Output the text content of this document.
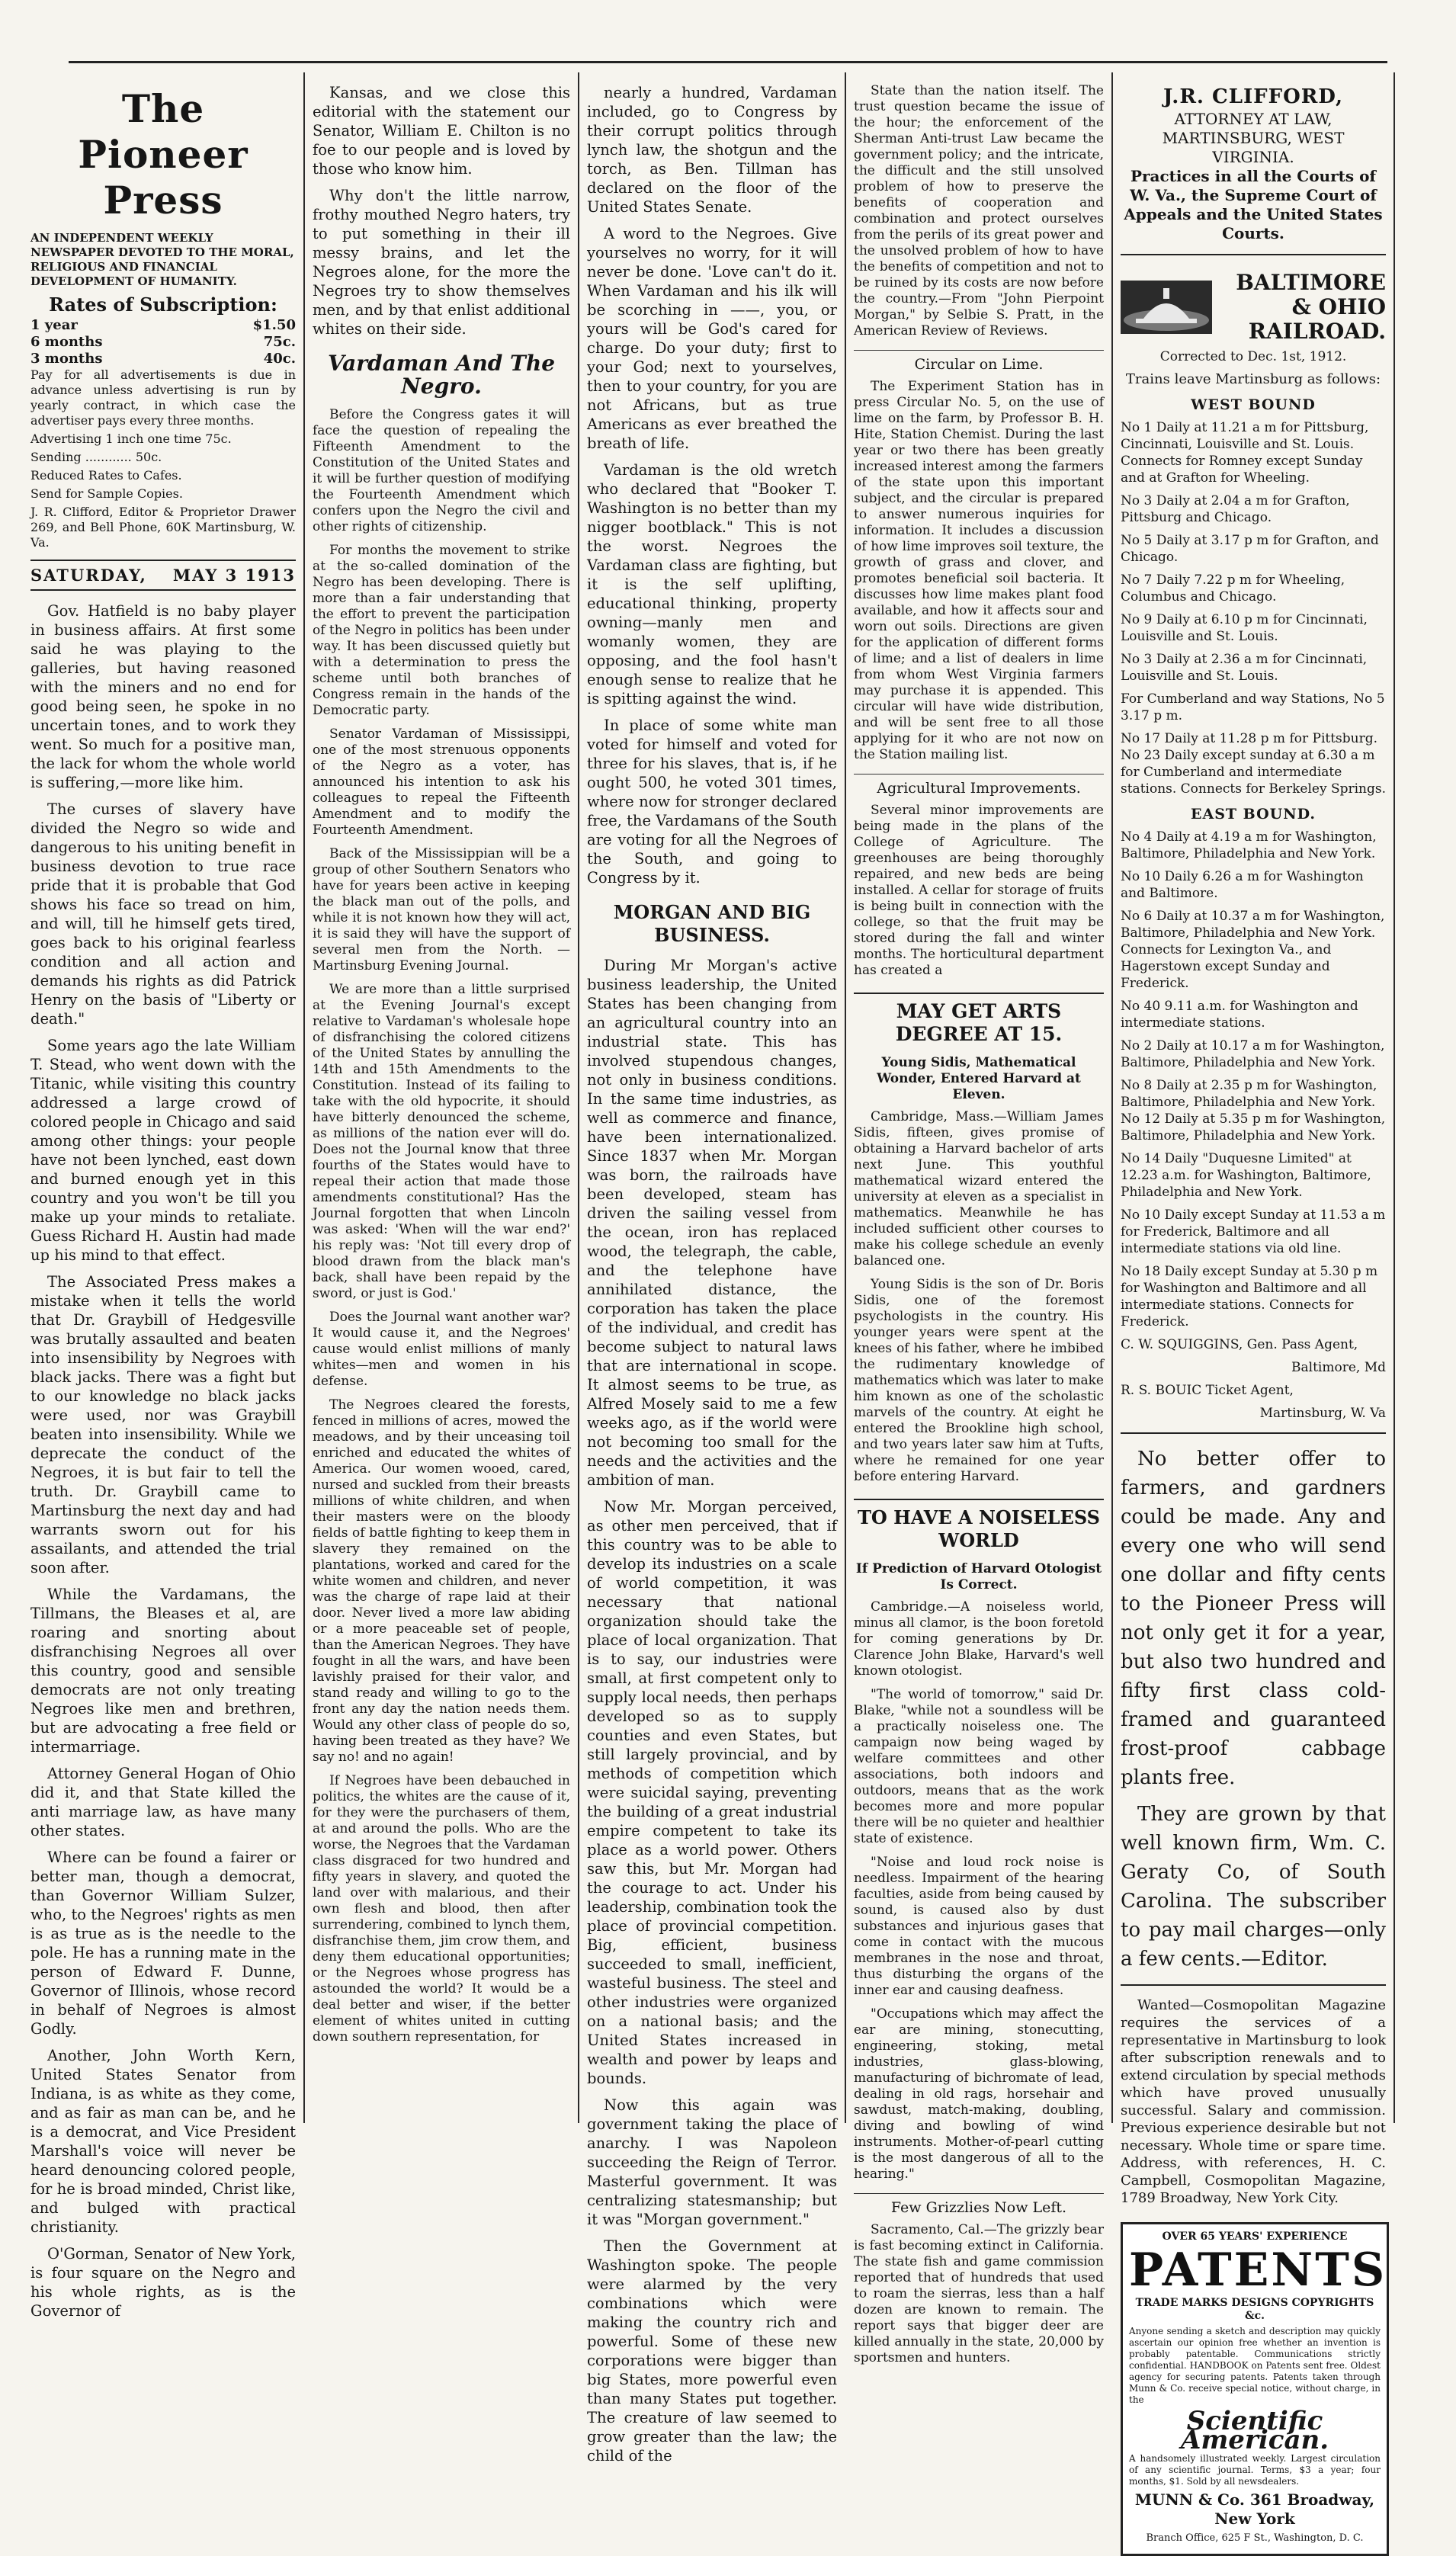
The Pioneer Press
AN INDEPENDENT WEEKLY NEWSPAPER DEVOTED TO THE MORAL, RELIGIOUS AND FINANCIAL DEVELOPMENT OF HUMANITY.
Rates of Subscription:
1 year	$1.50
6 months	75c.
3 months	40c.

Pay for all advertisements is due in advance unless advertising is run by yearly contract, in which case the advertiser pays every three months.

Advertising 1 inch one time 75c.

Sending ............ 50c.

Reduced Rates to Cafes.

Send for Sample Copies.

J. R. Clifford, Editor & Proprietor Drawer 269, and Bell Phone, 60K Martinsburg, W. Va.

SATURDAY, MAY 3 1913

Gov. Hatfield is no baby player in business affairs. At first some said he was playing to the galleries, but having reasoned with the miners and no end for good being seen, he spoke in no uncertain tones, and to work they went. So much for a positive man, the lack for whom the whole world is suffering,—more like him.

The curses of slavery have divided the Negro so wide and dangerous to his uniting benefit in business devotion to true race pride that it is probable that God shows his face so tread on him, and will, till he himself gets tired, goes back to his original fearless condition and all action and demands his rights as did Patrick Henry on the basis of "Liberty or death."

Some years ago the late William T. Stead, who went down with the Titanic, while visiting this country addressed a large crowd of colored people in Chicago and said among other things: your people have not been lynched, east down and burned enough yet in this country and you won't be till you make up your minds to retaliate. Guess Richard H. Austin had made up his mind to that effect.

The Associated Press makes a mistake when it tells the world that Dr. Graybill of Hedgesville was brutally assaulted and beaten into insensibility by Negroes with black jacks. There was a fight but to our knowledge no black jacks were used, nor was Graybill beaten into insensibility. While we deprecate the conduct of the Negroes, it is but fair to tell the truth. Dr. Graybill came to Martinsburg the next day and had warrants sworn out for his assailants, and attended the trial soon after.

While the Vardamans, the Tillmans, the Bleases et al, are roaring and snorting about disfranchising Negroes all over this country, good and sensible democrats are not only treating Negroes like men and brethren, but are advocating a free field or intermarriage.

Attorney General Hogan of Ohio did it, and that State killed the anti marriage law, as have many other states.

Where can be found a fairer or better man, though a democrat, than Governor William Sulzer, who, to the Negroes' rights as men is as true as is the needle to the pole. He has a running mate in the person of Edward F. Dunne, Governor of Illinois, whose record in behalf of Negroes is almost Godly.

Another, John Worth Kern, United States Senator from Indiana, is as white as they come, and as fair as man can be, and he is a democrat, and Vice President Marshall's voice will never be heard denouncing colored people, for he is broad minded, Christ like, and bulged with practical christianity.

O'Gorman, Senator of New York, is four square on the Negro and his whole rights, as is the Governor of

Kansas, and we close this editorial with the statement our Senator, William E. Chilton is no foe to our people and is loved by those who know him.

Why don't the little narrow, frothy mouthed Negro haters, try to put something in their ill messy brains, and let the Negroes alone, for the more the Negroes try to show themselves men, and by that enlist additional whites on their side.

Vardaman And The Negro.

Before the Congress gates it will face the question of repealing the Fifteenth Amendment to the Constitution of the United States and it will be further question of modifying the Fourteenth Amendment which confers upon the Negro the civil and other rights of citizenship.

For months the movement to strike at the so-called domination of the Negro has been developing. There is more than a fair understanding that the effort to prevent the participation of the Negro in politics has been under way. It has been discussed quietly but with a determination to press the scheme until both branches of Congress remain in the hands of the Democratic party.

Senator Vardaman of Mississippi, one of the most strenuous opponents of the Negro as a voter, has announced his intention to ask his colleagues to repeal the Fifteenth Amendment and to modify the Fourteenth Amendment.

Back of the Mississippian will be a group of other Southern Senators who have for years been active in keeping the black man out of the polls, and while it is not known how they will act, it is said they will have the support of several men from the North. —Martinsburg Evening Journal.

We are more than a little surprised at the Evening Journal's except relative to Vardaman's wholesale hope of disfranchising the colored citizens of the United States by annulling the 14th and 15th Amendments to the Constitution. Instead of its failing to take with the old hypocrite, it should have bitterly denounced the scheme, as millions of the nation ever will do. Does not the Journal know that three fourths of the States would have to repeal their action that made those amendments constitutional? Has the Journal forgotten that when Lincoln was asked: 'When will the war end?' his reply was: 'Not till every drop of blood drawn from the black man's back, shall have been repaid by the sword, or just is God.'

Does the Journal want another war? It would cause it, and the Negroes' cause would enlist millions of manly whites—men and women in his defense.

The Negroes cleared the forests, fenced in millions of acres, mowed the meadows, and by their unceasing toil enriched and educated the whites of America. Our women wooed, cared, nursed and suckled from their breasts millions of white children, and when their masters were on the bloody fields of battle fighting to keep them in slavery they remained on the plantations, worked and cared for the white women and children, and never was the charge of rape laid at their door. Never lived a more law abiding or a more peaceable set of people, than the American Negroes. They have fought in all the wars, and have been lavishly praised for their valor, and stand ready and willing to go to the front any day the nation needs them. Would any other class of people do so, having been treated as they have? We say no! and no again!

If Negroes have been debauched in politics, the whites are the cause of it, for they were the purchasers of them, at and around the polls. Who are the worse, the Negroes that the Vardaman class disgraced for two hundred and fifty years in slavery, and quoted the land over with malarious, and their own flesh and blood, then after surrendering, combined to lynch them, disfranchise them, jim crow them, and deny them educational opportunities; or the Negroes whose progress has astounded the world? It would be a deal better and wiser, if the better element of whites united in cutting down southern representation, for

nearly a hundred, Vardaman included, go to Congress by their corrupt politics through lynch law, the shotgun and the torch, as Ben. Tillman has declared on the floor of the United States Senate.

A word to the Negroes. Give yourselves no worry, for it will never be done. 'Love can't do it. When Vardaman and his ilk will be scorching in ——, you, or yours will be God's cared for charge. Do your duty; first to your God; next to yourselves, then to your country, for you are not Africans, but as true Americans as ever breathed the breath of life.

Vardaman is the old wretch who declared that "Booker T. Washington is no better than my nigger bootblack." This is not the worst. Negroes the Vardaman class are fighting, but it is the self uplifting, educational thinking, property owning—manly men and womanly women, they are opposing, and the fool hasn't enough sense to realize that he is spitting against the wind.

In place of some white man voted for himself and voted for three for his slaves, that is, if he ought 500, he voted 301 times, where now for stronger declared free, the Vardamans of the South are voting for all the Negroes of the South, and going to Congress by it.

MORGAN AND BIG BUSINESS.

During Mr Morgan's active business leadership, the United States has been changing from an agricultural country into an industrial state. This has involved stupendous changes, not only in business conditions. In the same time industries, as well as commerce and finance, have been internationalized. Since 1837 when Mr. Morgan was born, the railroads have been developed, steam has driven the sailing vessel from the ocean, iron has replaced wood, the telegraph, the cable, and the telephone have annihilated distance, the corporation has taken the place of the individual, and credit has become subject to natural laws that are international in scope. It almost seems to be true, as Alfred Mosely said to me a few weeks ago, as if the world were not becoming too small for the needs and the activities and the ambition of man.

Now Mr. Morgan perceived, as other men perceived, that if this country was to be able to develop its industries on a scale of world competition, it was necessary that national organization should take the place of local organization. That is to say, our industries were small, at first competent only to supply local needs, then perhaps developed so as to supply counties and even States, but still largely provincial, and by methods of competition which were suicidal saying, preventing the building of a great industrial empire competent to take its place as a world power. Others saw this, but Mr. Morgan had the courage to act. Under his leadership, combination took the place of provincial competition. Big, efficient, business succeeded to small, inefficient, wasteful business. The steel and other industries were organized on a national basis; and the United States increased in wealth and power by leaps and bounds.

Now this again was government taking the place of anarchy. I was Napoleon succeeding the Reign of Terror. Masterful government. It was centralizing statesmanship; but it was "Morgan government."

Then the Government at Washington spoke. The people were alarmed by the very combinations which were making the country rich and powerful. Some of these new corporations were bigger than big States, more powerful even than many States put together. The creature of law seemed to grow greater than the law; the child of the

State than the nation itself. The trust question became the issue of the hour; the enforcement of the Sherman Anti-trust Law became the government policy; and the intricate, the difficult and the still unsolved problem of how to preserve the benefits of cooperation and combination and protect ourselves from the perils of its great power and the unsolved problem of how to have the benefits of competition and not to be ruined by its costs are now before the country.—From "John Pierpoint Morgan," by Selbie S. Pratt, in the American Review of Reviews.

Circular on Lime.

The Experiment Station has in press Circular No. 5, on the use of lime on the farm, by Professor B. H. Hite, Station Chemist. During the last year or two there has been greatly increased interest among the farmers of the state upon this important subject, and the circular is prepared to answer numerous inquiries for information. It includes a discussion of how lime improves soil texture, the growth of grass and clover, and promotes beneficial soil bacteria. It discusses how lime makes plant food available, and how it affects sour and worn out soils. Directions are given for the application of different forms of lime; and a list of dealers in lime from whom West Virginia farmers may purchase it is appended. This circular will have wide distribution, and will be sent free to all those applying for it who are not now on the Station mailing list.

Agricultural Improvements.

Several minor improvements are being made in the plans of the College of Agriculture. The greenhouses are being thoroughly repaired, and new beds are being installed. A cellar for storage of fruits is being built in connection with the college, so that the fruit may be stored during the fall and winter months. The horticultural department has created a

MAY GET ARTS DEGREE AT 15.
Young Sidis, Mathematical Wonder, Entered Harvard at Eleven.

Cambridge, Mass.—William James Sidis, fifteen, gives promise of obtaining a Harvard bachelor of arts next June. This youthful mathematical wizard entered the university at eleven as a specialist in mathematics. Meanwhile he has included sufficient other courses to make his college schedule an evenly balanced one.

Young Sidis is the son of Dr. Boris Sidis, one of the foremost psychologists in the country. His younger years were spent at the knees of his father, where he imbibed the rudimentary knowledge of mathematics which was later to make him known as one of the scholastic marvels of the country. At eight he entered the Brookline high school, and two years later saw him at Tufts, where he remained for one year before entering Harvard.

TO HAVE A NOISELESS WORLD
If Prediction of Harvard Otologist Is Correct.

Cambridge.—A noiseless world, minus all clamor, is the boon foretold for coming generations by Dr. Clarence John Blake, Harvard's well known otologist.

"The world of tomorrow," said Dr. Blake, "while not a soundless will be a practically noiseless one. The campaign now being waged by welfare committees and other associations, both indoors and outdoors, means that as the work becomes more and more popular there will be no quieter and healthier state of existence.

"Noise and loud rock noise is needless. Impairment of the hearing faculties, aside from being caused by sound, is caused also by dust substances and injurious gases that come in contact with the mucous membranes in the nose and throat, thus disturbing the organs of the inner ear and causing deafness.

"Occupations which may affect the ear are mining, stonecutting, engineering, stoking, metal industries, glass-blowing, manufacturing of bichromate of lead, dealing in old rags, horsehair and sawdust, match-making, doubling, diving and bowling of wind instruments. Mother-of-pearl cutting is the most dangerous of all to the hearing."

Few Grizzlies Now Left.

Sacramento, Cal.—The grizzly bear is fast becoming extinct in California. The state fish and game commission reported that of hundreds that used to roam the sierras, less than a half dozen are known to remain. The report says that bigger deer are killed annually in the state, 20,000 by sportsmen and hunters.

J.R. CLIFFORD,

ATTORNEY AT LAW,

MARTINSBURG, WEST VIRGINIA.

Practices in all the Courts of W. Va., the Supreme Court of Appeals and the United States Courts.

BALTIMORE & OHIO
RAILROAD.

Corrected to Dec. 1st, 1912.

Trains leave Martinsburg as follows:

WEST BOUND

No 1 Daily at 11.21 a m for Pittsburg, Cincinnati, Louisville and St. Louis. Connects for Romney except Sunday and at Grafton for Wheeling.

No 3 Daily at 2.04 a m for Grafton, Pittsburg and Chicago.

No 5 Daily at 3.17 p m for Grafton, and Chicago.

No 7 Daily 7.22 p m for Wheeling, Columbus and Chicago.

No 9 Daily at 6.10 p m for Cincinnati, Louisville and St. Louis.

No 3 Daily at 2.36 a m for Cincinnati, Louisville and St. Louis.

For Cumberland and way Stations, No 5 3.17 p m.

No 17 Daily at 11.28 p m for Pittsburg. No 23 Daily except sunday at 6.30 a m for Cumberland and intermediate stations. Connects for Berkeley Springs.

EAST BOUND.

No 4 Daily at 4.19 a m for Washington, Baltimore, Philadelphia and New York.

No 10 Daily 6.26 a m for Washington and Baltimore.

No 6 Daily at 10.37 a m for Washington, Baltimore, Philadelphia and New York. Connects for Lexington Va., and Hagerstown except Sunday and Frederick.

No 40 9.11 a.m. for Washington and intermediate stations.

No 2 Daily at 10.17 a m for Washington, Baltimore, Philadelphia and New York.

No 8 Daily at 2.35 p m for Washington, Baltimore, Philadelphia and New York. No 12 Daily at 5.35 p m for Washington, Baltimore, Philadelphia and New York.

No 14 Daily "Duquesne Limited" at 12.23 a.m. for Washington, Baltimore, Philadelphia and New York.

No 10 Daily except Sunday at 11.53 a m for Frederick, Baltimore and all intermediate stations via old line.

No 18 Daily except Sunday at 5.30 p m for Washington and Baltimore and all intermediate stations. Connects for Frederick.

C. W. SQUIGGINS, Gen. Pass Agent,

Baltimore, Md

R. S. BOUIC Ticket Agent,

Martinsburg, W. Va

No better offer to farmers, and gardners could be made. Any and every one who will send one dollar and fifty cents to the Pioneer Press will not only get it for a year, but also two hundred and fifty first class cold-framed and guaranteed frost-proof cabbage plants free.

They are grown by that well known firm, Wm. C. Geraty Co, of South Carolina. The subscriber to pay mail charges—only a few cents.—Editor.

Wanted—Cosmopolitan Magazine requires the services of a representative in Martinsburg to look after subscription renewals and to extend circulation by special methods which have proved unusually successful. Salary and commission. Previous experience desirable but not necessary. Whole time or spare time. Address, with references, H. C. Campbell, Cosmopolitan Magazine, 1789 Broadway, New York City.

OVER 65 YEARS' EXPERIENCE
PATENTS
TRADE MARKS DESIGNS COPYRIGHTS &c.
Anyone sending a sketch and description may quickly ascertain our opinion free whether an invention is probably patentable. Communications strictly confidential. HANDBOOK on Patents sent free. Oldest agency for securing patents. Patents taken through Munn & Co. receive special notice, without charge, in the
Scientific American.
A handsomely illustrated weekly. Largest circulation of any scientific journal. Terms, $3 a year; four months, $1. Sold by all newsdealers.
MUNN & Co. 361 Broadway, New York
Branch Office, 625 F St., Washington, D. C.
